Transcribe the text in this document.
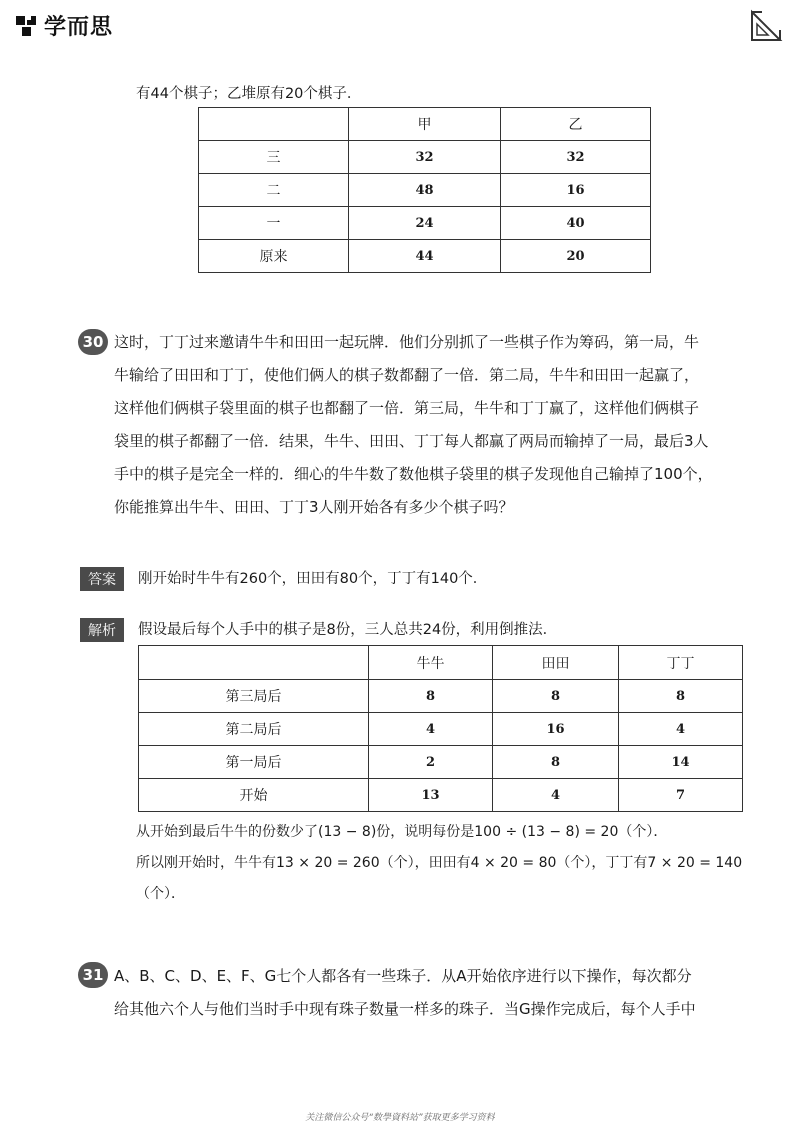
学而思
有44个棋子；乙堆原有20个棋子．
	甲	乙
三	32	32
二	48	16
一	24	40
原来	44	20
30 这时，丁丁过来邀请牛牛和田田一起玩牌．他们分别抓了一些棋子作为筹码，第一局，牛
牛输给了田田和丁丁，使他们俩人的棋子数都翻了一倍．第二局，牛牛和田田一起赢了，
这样他们俩棋子袋里面的棋子也都翻了一倍．第三局，牛牛和丁丁赢了，这样他们俩棋子
袋里的棋子都翻了一倍．结果，牛牛、田田、丁丁每人都赢了两局而输掉了一局，最后3人
手中的棋子是完全一样的．细心的牛牛数了数他棋子袋里的棋子发现他自己输掉了100个，
你能推算出牛牛、田田、丁丁3人刚开始各有多少个棋子吗？
答案	刚开始时牛牛有260个，田田有80个，丁丁有140个．
解析	假设最后每个人手中的棋子是8份，三人总共24份，利用倒推法．
	牛牛	田田	丁丁
第三局后	8	8	8
第二局后	4	16	4
第一局后	2	8	14
开始	13	4	7
从开始到最后牛牛的份数少了(13 − 8)份，说明每份是100 ÷ (13 − 8) = 20（个）．
所以刚开始时，牛牛有13 × 20 = 260（个），田田有4 × 20 = 80（个），丁丁有7 × 20 = 140
（个）．
31 A、B、C、D、E、F、G七个人都各有一些珠子．从A开始依序进行以下操作，每次都分
给其他六个人与他们当时手中现有珠子数量一样多的珠子．当G操作完成后，每个人手中
关注微信公众号“数學資料站”获取更多学习资料
